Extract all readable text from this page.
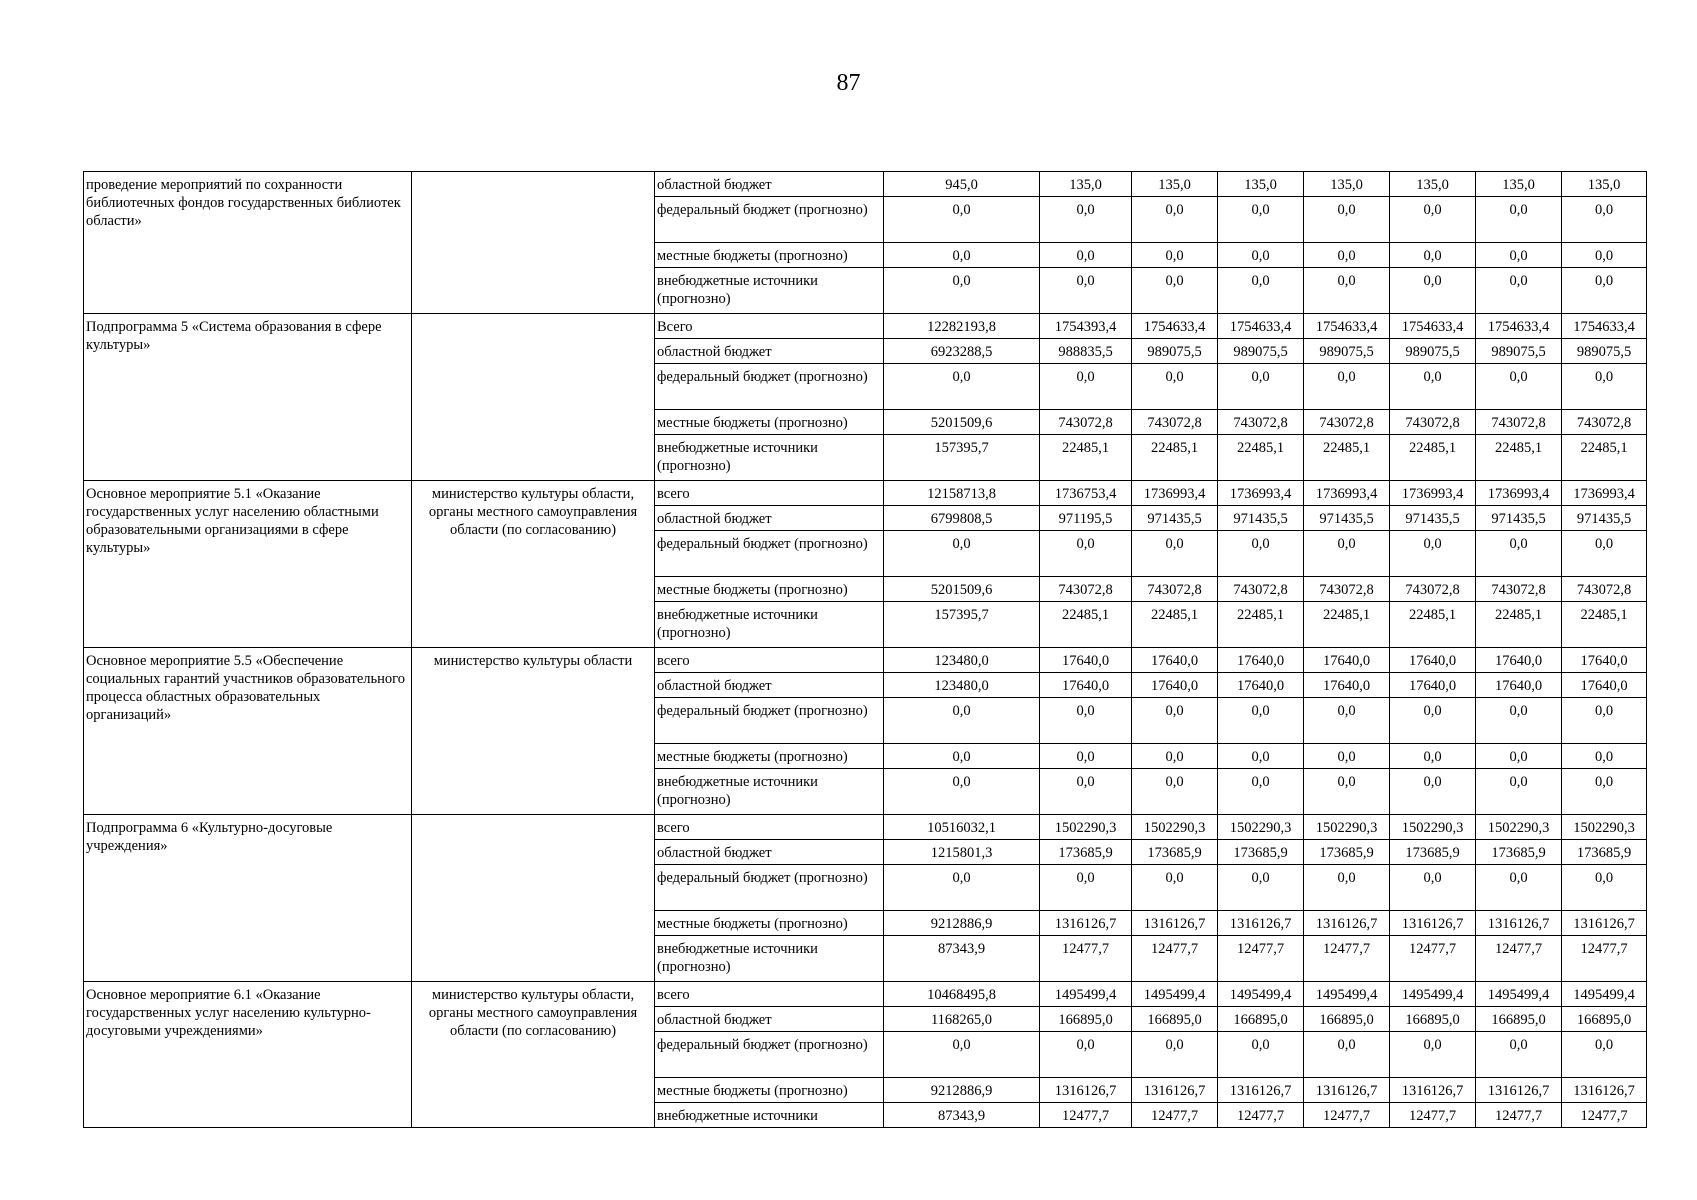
87
проведение мероприятий по сохранности библиотечных фондов государственных библиотек области»		областной бюджет	945,0	135,0	135,0	135,0	135,0	135,0	135,0	135,0
		федеральный бюджет (прогнозно)	0,0	0,0	0,0	0,0	0,0	0,0	0,0	0,0
		местные бюджеты (прогнозно)	0,0	0,0	0,0	0,0	0,0	0,0	0,0	0,0
		внебюджетные источники (прогнозно)	0,0	0,0	0,0	0,0	0,0	0,0	0,0	0,0
Подпрограмма 5 «Система образования в сфере культуры»		Всего	12282193,8	1754393,4	1754633,4	1754633,4	1754633,4	1754633,4	1754633,4	1754633,4
		областной бюджет	6923288,5	988835,5	989075,5	989075,5	989075,5	989075,5	989075,5	989075,5
		федеральный бюджет (прогнозно)	0,0	0,0	0,0	0,0	0,0	0,0	0,0	0,0
		местные бюджеты (прогнозно)	5201509,6	743072,8	743072,8	743072,8	743072,8	743072,8	743072,8	743072,8
		внебюджетные источники (прогнозно)	157395,7	22485,1	22485,1	22485,1	22485,1	22485,1	22485,1	22485,1
Основное мероприятие 5.1 «Оказание государственных услуг населению областными образовательными организациями в сфере культуры»	министерство культуры области, органы местного самоуправления области (по согласованию)	всего	12158713,8	1736753,4	1736993,4	1736993,4	1736993,4	1736993,4	1736993,4	1736993,4
		областной бюджет	6799808,5	971195,5	971435,5	971435,5	971435,5	971435,5	971435,5	971435,5
		федеральный бюджет (прогнозно)	0,0	0,0	0,0	0,0	0,0	0,0	0,0	0,0
		местные бюджеты (прогнозно)	5201509,6	743072,8	743072,8	743072,8	743072,8	743072,8	743072,8	743072,8
		внебюджетные источники (прогнозно)	157395,7	22485,1	22485,1	22485,1	22485,1	22485,1	22485,1	22485,1
Основное мероприятие 5.5 «Обеспечение социальных гарантий участников образовательного процесса областных образовательных организаций»	министерство культуры области	всего	123480,0	17640,0	17640,0	17640,0	17640,0	17640,0	17640,0	17640,0
		областной бюджет	123480,0	17640,0	17640,0	17640,0	17640,0	17640,0	17640,0	17640,0
		федеральный бюджет (прогнозно)	0,0	0,0	0,0	0,0	0,0	0,0	0,0	0,0
		местные бюджеты (прогнозно)	0,0	0,0	0,0	0,0	0,0	0,0	0,0	0,0
		внебюджетные источники (прогнозно)	0,0	0,0	0,0	0,0	0,0	0,0	0,0	0,0
Подпрограмма 6 «Культурно-досуговые учреждения»		всего	10516032,1	1502290,3	1502290,3	1502290,3	1502290,3	1502290,3	1502290,3	1502290,3
		областной бюджет	1215801,3	173685,9	173685,9	173685,9	173685,9	173685,9	173685,9	173685,9
		федеральный бюджет (прогнозно)	0,0	0,0	0,0	0,0	0,0	0,0	0,0	0,0
		местные бюджеты (прогнозно)	9212886,9	1316126,7	1316126,7	1316126,7	1316126,7	1316126,7	1316126,7	1316126,7
		внебюджетные источники (прогнозно)	87343,9	12477,7	12477,7	12477,7	12477,7	12477,7	12477,7	12477,7
Основное мероприятие 6.1 «Оказание государственных услуг населению культурно-досуговыми учреждениями»	министерство культуры области, органы местного самоуправления области (по согласованию)	всего	10468495,8	1495499,4	1495499,4	1495499,4	1495499,4	1495499,4	1495499,4	1495499,4
		областной бюджет	1168265,0	166895,0	166895,0	166895,0	166895,0	166895,0	166895,0	166895,0
		федеральный бюджет (прогнозно)	0,0	0,0	0,0	0,0	0,0	0,0	0,0	0,0
		местные бюджеты (прогнозно)	9212886,9	1316126,7	1316126,7	1316126,7	1316126,7	1316126,7	1316126,7	1316126,7
		внебюджетные источники	87343,9	12477,7	12477,7	12477,7	12477,7	12477,7	12477,7	12477,7
